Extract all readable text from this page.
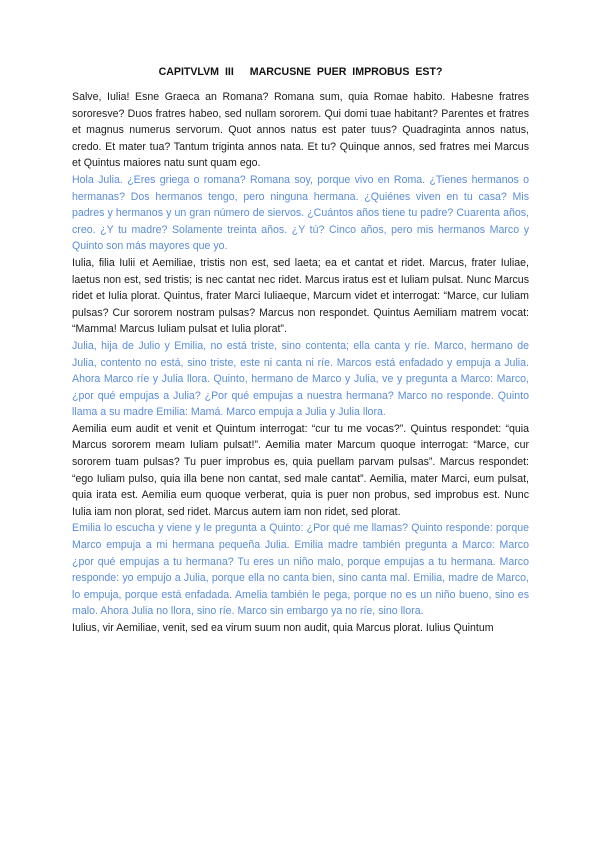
CAPITVLVM III MARCUSNE PUER IMPROBUS EST?

Salve, Iulia! Esne Graeca an Romana? Romana sum, quia Romae habito. Habesne fratres sororesve? Duos fratres habeo, sed nullam sororem. Qui domi tuae habitant? Parentes et fratres et magnus numerus servorum. Quot annos natus est pater tuus? Quadraginta annos natus, credo. Et mater tua? Tantum triginta annos nata. Et tu? Quinque annos, sed fratres mei Marcus et Quintus maiores natu sunt quam ego.

Hola Julia. ¿Eres griega o romana? Romana soy, porque vivo en Roma. ¿Tienes hermanos o hermanas? Dos hermanos tengo, pero ninguna hermana. ¿Quiénes viven en tu casa? Mis padres y hermanos y un gran número de siervos. ¿Cuántos años tiene tu padre? Cuarenta años, creo. ¿Y tu madre? Solamente treinta años. ¿Y tú? Cinco años, pero mis hermanos Marco y Quinto son más mayores que yo.

Iulia, filia Iulii et Aemiliae, tristis non est, sed laeta; ea et cantat et ridet. Marcus, frater Iuliae, laetus non est, sed tristis; is nec cantat nec ridet. Marcus iratus est et Iuliam pulsat. Nunc Marcus ridet et Iulia plorat. Quintus, frater Marci Iuliaeque, Marcum videt et interrogat: “Marce, cur Iuliam pulsas? Cur sororem nostram pulsas? Marcus non respondet. Quintus Aemiliam matrem vocat: “Mamma! Marcus Iuliam pulsat et Iulia plorat”.

Julia, hija de Julio y Emilia, no está triste, sino contenta; ella canta y ríe. Marco, hermano de Julia, contento no está, sino triste, este ni canta ni ríe. Marcos está enfadado y empuja a Julia. Ahora Marco ríe y Julia llora. Quinto, hermano de Marco y Julia, ve y pregunta a Marco: Marco, ¿por qué empujas a Julia? ¿Por qué empujas a nuestra hermana? Marco no responde. Quinto llama a su madre Emilia: Mamá. Marco empuja a Julia y Julia llora.

Aemilia eum audit et venit et Quintum interrogat: “cur tu me vocas?”. Quintus respondet: “quia Marcus sororem meam Iuliam pulsat!”. Aemilia mater Marcum quoque interrogat: “Marce, cur sororem tuam pulsas? Tu puer improbus es, quia puellam parvam pulsas”. Marcus respondet: “ego Iuliam pulso, quia illa bene non cantat, sed male cantat”. Aemilia, mater Marci, eum pulsat, quia irata est. Aemilia eum quoque verberat, quia is puer non probus, sed improbus est. Nunc Iulia iam non plorat, sed ridet. Marcus autem iam non ridet, sed plorat.

Emilia lo escucha y viene y le pregunta a Quinto: ¿Por qué me llamas? Quinto responde: porque Marco empuja a mi hermana pequeña Julia. Emilia madre también pregunta a Marco: Marco ¿por qué empujas a tu hermana? Tu eres un niño malo, porque empujas a tu hermana. Marco responde: yo empujo a Julia, porque ella no canta bien, sino canta mal. Emilia, madre de Marco, lo empuja, porque está enfadada. Amelia también le pega, porque no es un niño bueno, sino es malo. Ahora Julia no llora, sino ríe. Marco sin embargo ya no ríe, sino llora.

Iulius, vir Aemiliae, venit, sed ea virum suum non audit, quia Marcus plorat. Iulius Quintum
